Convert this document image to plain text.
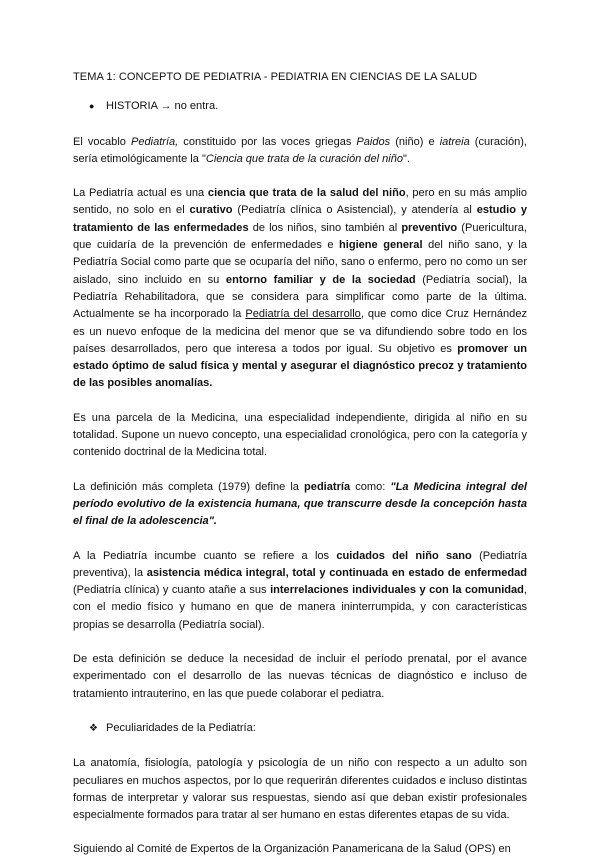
TEMA 1: CONCEPTO DE PEDIATRIA - PEDIATRIA EN CIENCIAS DE LA SALUD

●	HISTORIA → no entra.

El vocablo Pediatría, constituido por las voces griegas Paidos (niño) e iatreia (curación), sería etimológicamente la "Ciencia que trata de la curación del niño".

La Pediatría actual es una ciencia que trata de la salud del niño, pero en su más amplio sentido, no solo en el curativo (Pediatría clínica o Asistencial), y atendería al estudio y tratamiento de las enfermedades de los niños, sino también al preventivo (Puericultura, que cuidaría de la prevención de enfermedades e higiene general del niño sano, y la Pediatría Social como parte que se ocuparía del niño, sano o enfermo, pero no como un ser aislado, sino incluido en su entorno familiar y de la sociedad (Pediatría social), la Pediatría Rehabilitadora, que se considera para simplificar como parte de la última. Actualmente se ha incorporado la Pediatría del desarrollo, que como dice Cruz Hernández es un nuevo enfoque de la medicina del menor que se va difundiendo sobre todo en los países desarrollados, pero que interesa a todos por igual. Su objetivo es promover un estado óptimo de salud física y mental y asegurar el diagnóstico precoz y tratamiento de las posibles anomalías.

Es una parcela de la Medicina, una especialidad independiente, dirigida al niño en su totalidad. Supone un nuevo concepto, una especialidad cronológica, pero con la categoría y contenido doctrinal de la Medicina total.

La definición más completa (1979) define la pediatría como: "La Medicina integral del período evolutivo de la existencia humana, que transcurre desde la concepción hasta el final de la adolescencia".

A la Pediatría incumbe cuanto se refiere a los cuidados del niño sano (Pediatría preventiva), la asistencia médica integral, total y continuada en estado de enfermedad (Pediatría clínica) y cuanto atañe a sus interrelaciones individuales y con la comunidad, con el medio físico y humano en que de manera ininterrumpida, y con características propias se desarrolla (Pediatría social).

De esta definición se deduce la necesidad de incluir el período prenatal, por el avance experimentado con el desarrollo de las nuevas técnicas de diagnóstico e incluso de tratamiento intrauterino, en las que puede colaborar el pediatra.

❖ Peculiaridades de la Pediatría:

La anatomía, fisiología, patología y psicología de un niño con respecto a un adulto son peculiares en muchos aspectos, por lo que requerirán diferentes cuidados e incluso distintas formas de interpretar y valorar sus respuestas, siendo así que deban existir profesionales especialmente formados para tratar al ser humano en estas diferentes etapas de su vida.

Siguiendo al Comité de Expertos de la Organización Panamericana de la Salud (OPS) en
